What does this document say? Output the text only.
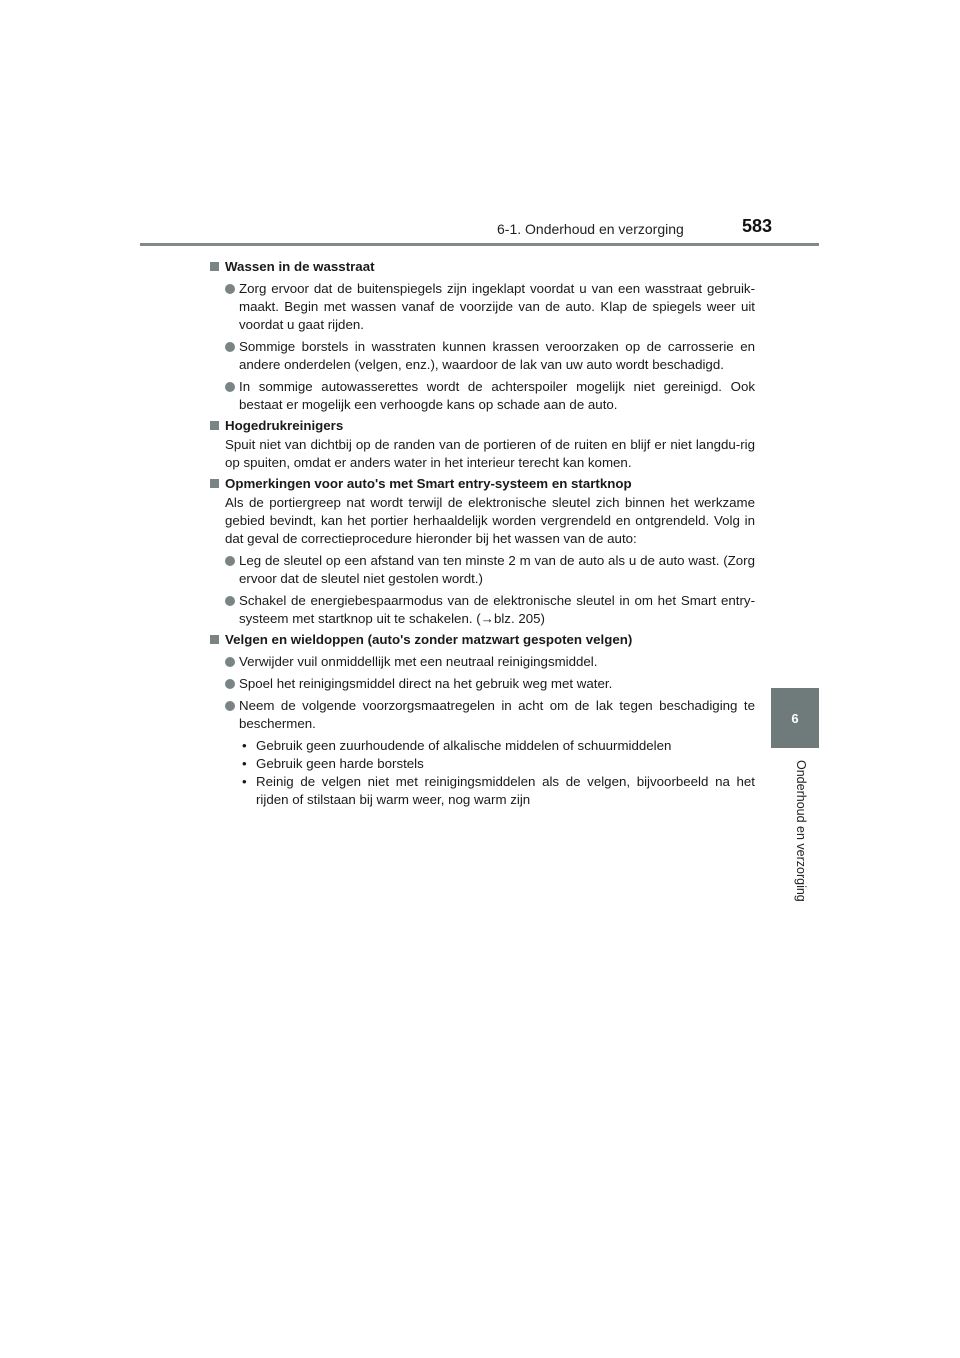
6-1. Onderhoud en verzorging	583
6
Onderhoud en verzorging
Wassen in de wasstraat
Zorg ervoor dat de buitenspiegels zijn ingeklapt voordat u van een wasstraat gebruik-maakt. Begin met wassen vanaf de voorzijde van de auto. Klap de spiegels weer uit voordat u gaat rijden.
Sommige borstels in wasstraten kunnen krassen veroorzaken op de carrosserie en andere onderdelen (velgen, enz.), waardoor de lak van uw auto wordt beschadigd.
In sommige autowasserettes wordt de achterspoiler mogelijk niet gereinigd. Ook bestaat er mogelijk een verhoogde kans op schade aan de auto.
Hogedrukreinigers
Spuit niet van dichtbij op de randen van de portieren of de ruiten en blijf er niet langdu-rig op spuiten, omdat er anders water in het interieur terecht kan komen.
Opmerkingen voor auto's met Smart entry-systeem en startknop
Als de portiergreep nat wordt terwijl de elektronische sleutel zich binnen het werkzame gebied bevindt, kan het portier herhaaldelijk worden vergrendeld en ontgrendeld. Volg in dat geval de correctieprocedure hieronder bij het wassen van de auto:
Leg de sleutel op een afstand van ten minste 2 m van de auto als u de auto wast. (Zorg ervoor dat de sleutel niet gestolen wordt.)
Schakel de energiebespaarmodus van de elektronische sleutel in om het Smart entry-systeem met startknop uit te schakelen. (→blz. 205)
Velgen en wieldoppen (auto's zonder matzwart gespoten velgen)
Verwijder vuil onmiddellijk met een neutraal reinigingsmiddel.
Spoel het reinigingsmiddel direct na het gebruik weg met water.
Neem de volgende voorzorgsmaatregelen in acht om de lak tegen beschadiging te beschermen.
• Gebruik geen zuurhoudende of alkalische middelen of schuurmiddelen
• Gebruik geen harde borstels
• Reinig de velgen niet met reinigingsmiddelen als de velgen, bijvoorbeeld na het rijden of stilstaan bij warm weer, nog warm zijn
